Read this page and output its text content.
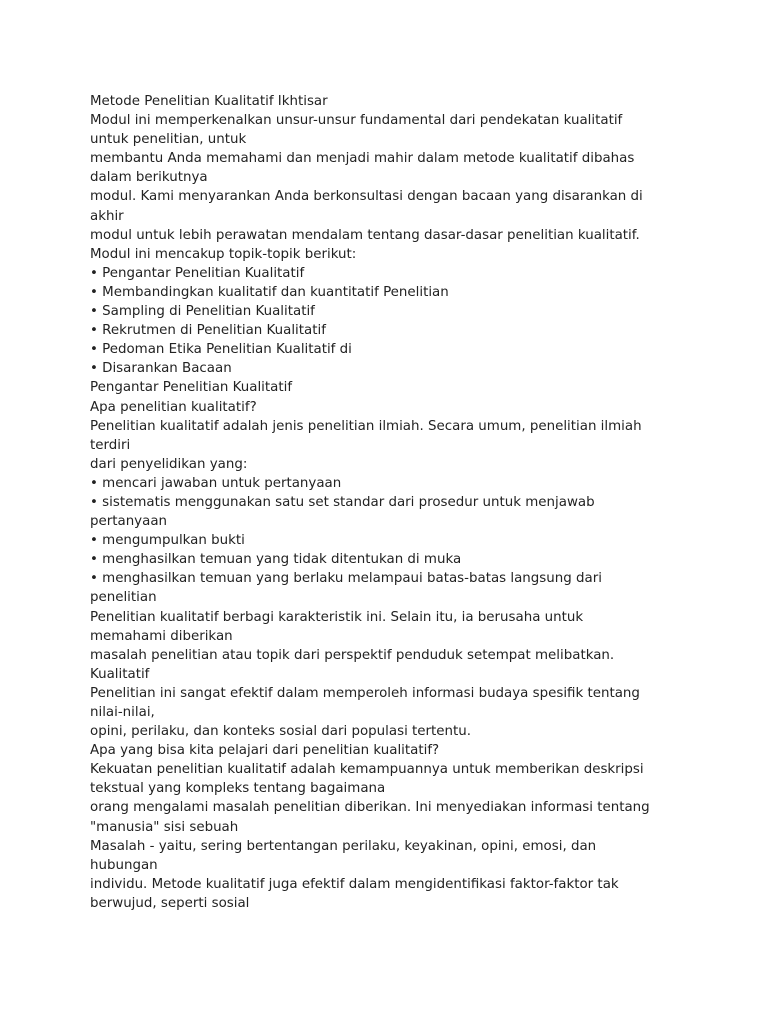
Metode Penelitian Kualitatif Ikhtisar
Modul ini memperkenalkan unsur-unsur fundamental dari pendekatan kualitatif
untuk penelitian, untuk
membantu Anda memahami dan menjadi mahir dalam metode kualitatif dibahas
dalam berikutnya
modul. Kami menyarankan Anda berkonsultasi dengan bacaan yang disarankan di
akhir
modul untuk lebih perawatan mendalam tentang dasar-dasar penelitian kualitatif.
Modul ini mencakup topik-topik berikut:
• Pengantar Penelitian Kualitatif
• Membandingkan kualitatif dan kuantitatif Penelitian
• Sampling di Penelitian Kualitatif
• Rekrutmen di Penelitian Kualitatif
• Pedoman Etika Penelitian Kualitatif di
• Disarankan Bacaan
Pengantar Penelitian Kualitatif
Apa penelitian kualitatif?
Penelitian kualitatif adalah jenis penelitian ilmiah. Secara umum, penelitian ilmiah
terdiri
dari penyelidikan yang:
• mencari jawaban untuk pertanyaan
• sistematis menggunakan satu set standar dari prosedur untuk menjawab
pertanyaan
• mengumpulkan bukti
• menghasilkan temuan yang tidak ditentukan di muka
• menghasilkan temuan yang berlaku melampaui batas-batas langsung dari
penelitian
Penelitian kualitatif berbagi karakteristik ini. Selain itu, ia berusaha untuk
memahami diberikan
masalah penelitian atau topik dari perspektif penduduk setempat melibatkan.
Kualitatif
Penelitian ini sangat efektif dalam memperoleh informasi budaya spesifik tentang
nilai-nilai,
opini, perilaku, dan konteks sosial dari populasi tertentu.
Apa yang bisa kita pelajari dari penelitian kualitatif?
Kekuatan penelitian kualitatif adalah kemampuannya untuk memberikan deskripsi
tekstual yang kompleks tentang bagaimana
orang mengalami masalah penelitian diberikan. Ini menyediakan informasi tentang
"manusia" sisi sebuah
Masalah - yaitu, sering bertentangan perilaku, keyakinan, opini, emosi, dan
hubungan
individu. Metode kualitatif juga efektif dalam mengidentifikasi faktor-faktor tak
berwujud, seperti sosial
